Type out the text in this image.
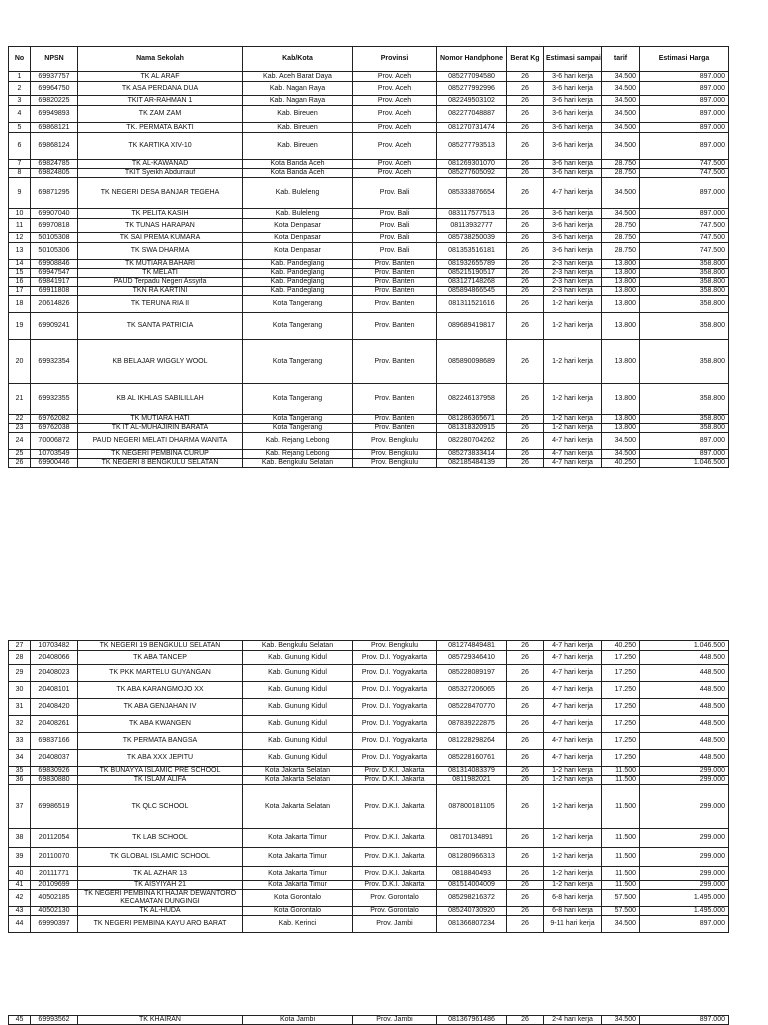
No	NPSN	Nama Sekolah	Kab/Kota	Provinsi	Nomor Handphone	Berat Kg	Estimasi sampai	tarif	Estimasi Harga
1	69937757	TK AL ARAF	Kab. Aceh Barat Daya	Prov. Aceh	085277094580	26	3-6 hari kerja	34.500	897.000
2	69964750	TK ASA PERDANA DUA	Kab. Nagan Raya	Prov. Aceh	085277992996	26	3-6 hari kerja	34.500	897.000
3	69820225	TKIT AR-RAHMAN 1	Kab. Nagan Raya	Prov. Aceh	082249503102	26	3-6 hari kerja	34.500	897.000
4	69949893	TK ZAM ZAM	Kab. Bireuen	Prov. Aceh	082277048887	26	3-6 hari kerja	34.500	897.000
5	69868121	TK. PERMATA BAKTI	Kab. Bireuen	Prov. Aceh	081270731474	26	3-6 hari kerja	34.500	897.000
6	69868124	TK KARTIKA XIV-10	Kab. Bireuen	Prov. Aceh	085277793513	26	3-6 hari kerja	34.500	897.000
7	69824785	TK AL-KAWANAD	Kota Banda Aceh	Prov. Aceh	081269301070	26	3-6 hari kerja	28.750	747.500
8	69824805	TKIT Syeikh Abdurrauf	Kota Banda Aceh	Prov. Aceh	085277605092	26	3-6 hari kerja	28.750	747.500
9	69871295	TK NEGERI DESA BANJAR TEGEHA	Kab. Buleleng	Prov. Bali	085333876654	26	4-7 hari kerja	34.500	897.000
10	69907040	TK PELITA KASIH	Kab. Buleleng	Prov. Bali	083117577513	26	3-6 hari kerja	34.500	897.000
11	69970818	TK TUNAS HARAPAN	Kota Denpasar	Prov. Bali	08113932777	26	3-6 hari kerja	28.750	747.500
12	50105308	TK SAI PREMA KUMARA	Kota Denpasar	Prov. Bali	085738250039	26	3-6 hari kerja	28.750	747.500
13	50105306	TK SWA DHARMA	Kota Denpasar	Prov. Bali	081353516181	26	3-6 hari kerja	28.750	747.500
14	69908846	TK MUTIARA BAHARI	Kab. Pandeglang	Prov. Banten	081932655789	26	2-3 hari kerja	13.800	358.800
15	69947547	TK MELATI	Kab. Pandeglang	Prov. Banten	085215190517	26	2-3 hari kerja	13.800	358.800
16	69841917	PAUD Terpadu Negeri Assyifa	Kab. Pandeglang	Prov. Banten	083127148268	26	2-3 hari kerja	13.800	358.800
17	69911808	TKN RA KARTINI	Kab. Pandeglang	Prov. Banten	085894866545	26	2-3 hari kerja	13.800	358.800
18	20614826	TK TERUNA RIA II	Kota Tangerang	Prov. Banten	081311521616	26	1-2 hari kerja	13.800	358.800
19	69909241	TK SANTA PATRICIA	Kota Tangerang	Prov. Banten	089689419817	26	1-2 hari kerja	13.800	358.800
20	69932354	KB BELAJAR WIGGLY WOOL	Kota Tangerang	Prov. Banten	085890098689	26	1-2 hari kerja	13.800	358.800
21	69932355	KB AL IKHLAS SABILILLAH	Kota Tangerang	Prov. Banten	082246137958	26	1-2 hari kerja	13.800	358.800
22	69762082	TK MUTIARA HATI	Kota Tangerang	Prov. Banten	081286365671	26	1-2 hari kerja	13.800	358.800
23	69762038	TK IT AL-MUHAJIRIN BARATA	Kota Tangerang	Prov. Banten	081318320915	26	1-2 hari kerja	13.800	358.800
24	70006872	PAUD NEGERI MELATI DHARMA WANITA	Kab. Rejang Lebong	Prov. Bengkulu	082280704262	26	4-7 hari kerja	34.500	897.000
25	10703549	TK NEGERI PEMBINA CURUP	Kab. Rejang Lebong	Prov. Bengkulu	085273833414	26	4-7 hari kerja	34.500	897.000
26	69900446	TK NEGERI 8 BENGKULU SELATAN	Kab. Bengkulu Selatan	Prov. Bengkulu	082185484139	26	4-7 hari kerja	40.250	1.046.500
27	10703482	TK NEGERI 19 BENGKULU SELATAN	Kab. Bengkulu Selatan	Prov. Bengkulu	081274849481	26	4-7 hari kerja	40.250	1.046.500
28	20408066	TK ABA TANCEP	Kab. Gunung Kidul	Prov. D.I. Yogyakarta	085729346410	26	4-7 hari kerja	17.250	448.500
29	20408023	TK PKK MARTELU GUYANGAN	Kab. Gunung Kidul	Prov. D.I. Yogyakarta	085228089197	26	4-7 hari kerja	17.250	448.500
30	20408101	TK ABA KARANGMOJO XX	Kab. Gunung Kidul	Prov. D.I. Yogyakarta	085327206065	26	4-7 hari kerja	17.250	448.500
31	20408420	TK ABA GENJAHAN IV	Kab. Gunung Kidul	Prov. D.I. Yogyakarta	085228470770	26	4-7 hari kerja	17.250	448.500
32	20408261	TK ABA KWANGEN	Kab. Gunung Kidul	Prov. D.I. Yogyakarta	087839222875	26	4-7 hari kerja	17.250	448.500
33	69837166	TK PERMATA BANGSA	Kab. Gunung Kidul	Prov. D.I. Yogyakarta	081228298264	26	4-7 hari kerja	17.250	448.500
34	20408037	TK ABA XXX JEPITU	Kab. Gunung Kidul	Prov. D.I. Yogyakarta	085228160761	26	4-7 hari kerja	17.250	448.500
35	69830926	TK BUNAYYA ISLAMIC PRE SCHOOL	Kota Jakarta Selatan	Prov. D.K.I. Jakarta	081314083379	26	1-2 hari kerja	11.500	299.000
36	69830880	TK ISLAM ALIFA	Kota Jakarta Selatan	Prov. D.K.I. Jakarta	0811982021	26	1-2 hari kerja	11.500	299.000
37	69986519	TK QLC SCHOOL	Kota Jakarta Selatan	Prov. D.K.I. Jakarta	087800181105	26	1-2 hari kerja	11.500	299.000
38	20112054	TK LAB SCHOOL	Kota Jakarta Timur	Prov. D.K.I. Jakarta	08170134891	26	1-2 hari kerja	11.500	299.000
39	20110070	TK GLOBAL ISLAMIC SCHOOL	Kota Jakarta Timur	Prov. D.K.I. Jakarta	081280966313	26	1-2 hari kerja	11.500	299.000
40	20111771	TK AL AZHAR 13	Kota Jakarta Timur	Prov. D.K.I. Jakarta	0818840493	26	1-2 hari kerja	11.500	299.000
41	20109699	TK AISYIYAH 21	Kota Jakarta Timur	Prov. D.K.I. Jakarta	081514004009	26	1-2 hari kerja	11.500	299.000
42	40502185	TK NEGERI PEMBINA KI HAJAR DEWANTORO KECAMATAN DUNGINGI	Kota Gorontalo	Prov. Gorontalo	085298216372	26	6-8 hari kerja	57.500	1.495.000
43	40502130	TK AL-HUDA	Kota Gorontalo	Prov. Gorontalo	085240730920	26	6-8 hari kerja	57.500	1.495.000
44	69990397	TK NEGERI PEMBINA KAYU ARO BARAT	Kab. Kerinci	Prov. Jambi	081366807234	26	9-11 hari kerja	34.500	897.000
45	69993562	TK KHAIRAN	Kota Jambi	Prov. Jambi	081367961486	26	2-4 hari kerja	34.500	897.000
